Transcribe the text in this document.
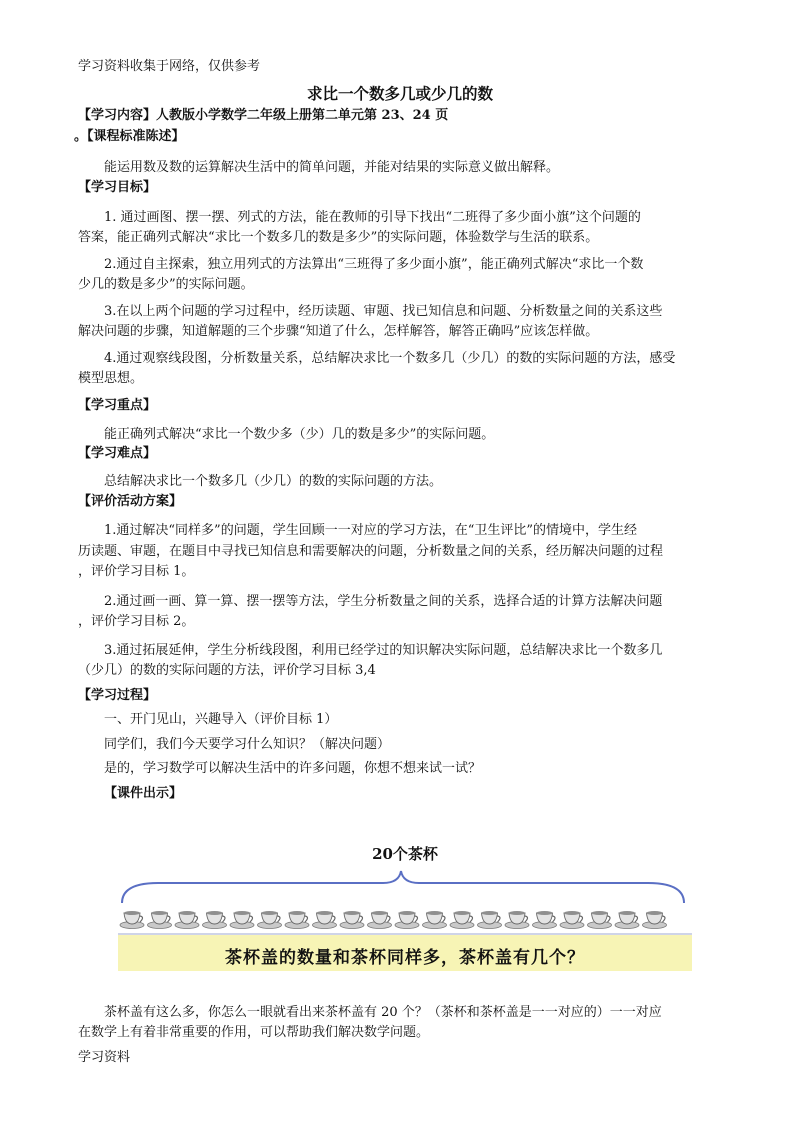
学习资料收集于网络，仅供参考
求比一个数多几或少几的数
【学习内容】人教版小学数学二年级上册第二单元第 23、24 页
。【课程标准陈述】
能运用数及数的运算解决生活中的简单问题，并能对结果的实际意义做出解释。
【学习目标】
1. 通过画图、摆一摆、列式的方法，能在教师的引导下找出“二班得了多少面小旗”这个问题的
答案，能正确列式解决“求比一个数多几的数是多少”的实际问题，体验数学与生活的联系。
2.通过自主探索，独立用列式的方法算出“三班得了多少面小旗”，能正确列式解决“求比一个数
少几的数是多少”的实际问题。
3.在以上两个问题的学习过程中，经历读题、审题、找已知信息和问题、分析数量之间的关系这些
解决问题的步骤，知道解题的三个步骤“知道了什么，怎样解答，解答正确吗”应该怎样做。
4.通过观察线段图，分析数量关系，总结解决求比一个数多几（少几）的数的实际问题的方法，感受
模型思想。
【学习重点】
能正确列式解决“求比一个数少多（少）几的数是多少”的实际问题。
【学习难点】
总结解决求比一个数多几（少几）的数的实际问题的方法。
【评价活动方案】
1.通过解决“同样多”的问题，学生回顾一一对应的学习方法，在“卫生评比”的情境中，学生经
历读题、审题，在题目中寻找已知信息和需要解决的问题，分析数量之间的关系，经历解决问题的过程
，评价学习目标 1。
2.通过画一画、算一算、摆一摆等方法，学生分析数量之间的关系，选择合适的计算方法解决问题
，评价学习目标 2。
3.通过拓展延伸，学生分析线段图，利用已经学过的知识解决实际问题，总结解决求比一个数多几
（少几）的数的实际问题的方法，评价学习目标 3,4
【学习过程】
一、开门见山，兴趣导入（评价目标 1）
同学们，我们今天要学习什么知识？（解决问题）
是的，学习数学可以解决生活中的许多问题，你想不想来试一试？
【课件出示】
20个茶杯
茶杯盖的数量和茶杯同样多，茶杯盖有几个？
茶杯盖有这么多，你怎么一眼就看出来茶杯盖有 20 个？（茶杯和茶杯盖是一一对应的）一一对应
在数学上有着非常重要的作用，可以帮助我们解决数学问题。
学习资料
